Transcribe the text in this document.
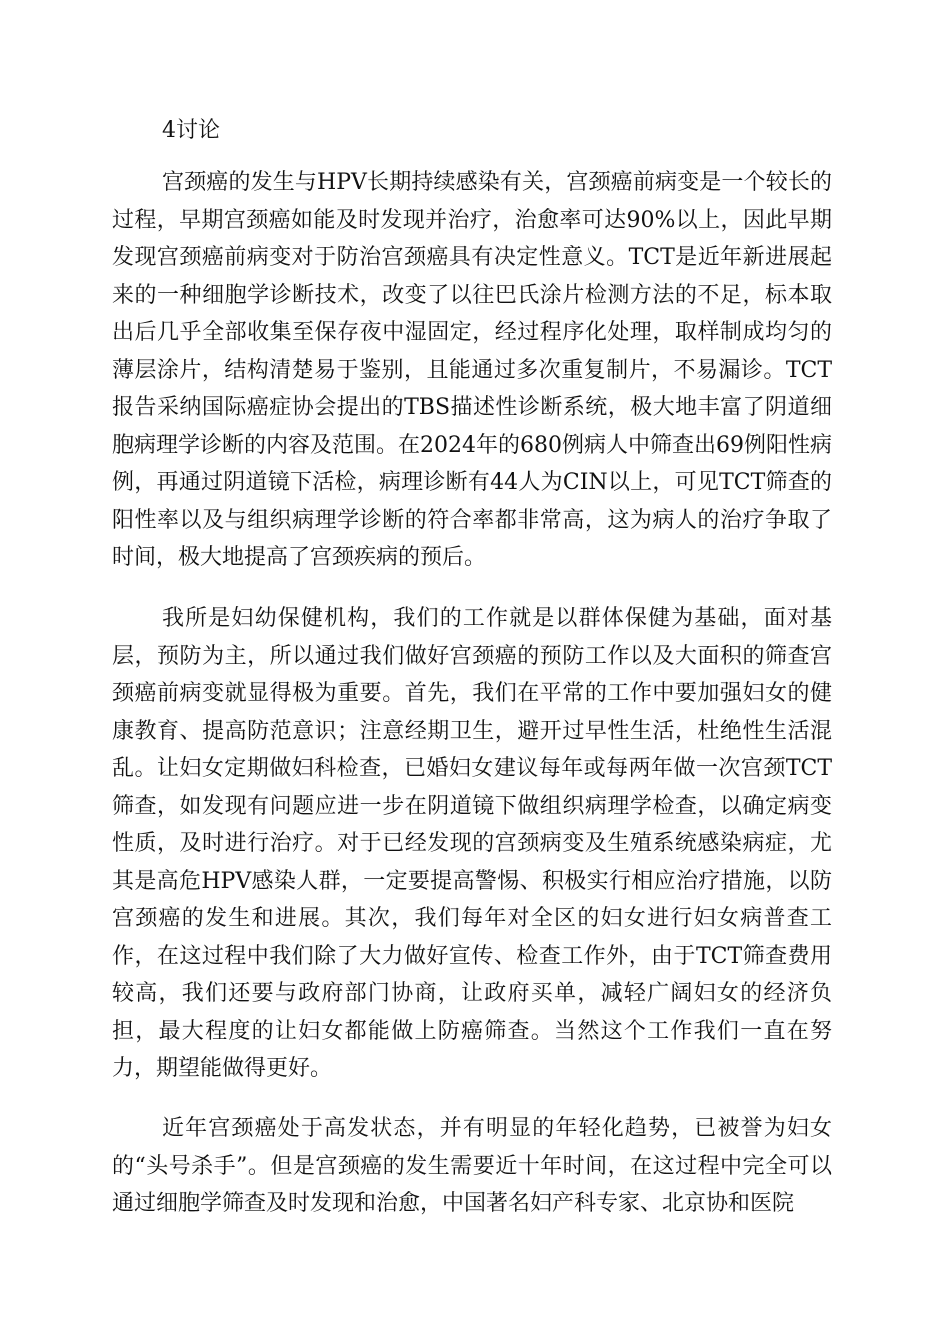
4讨论

宫颈癌的发生与HPV长期持续感染有关，宫颈癌前病变是一个较长的过程，早期宫颈癌如能及时发现并治疗，治愈率可达90%以上，因此早期发现宫颈癌前病变对于防治宫颈癌具有决定性意义。TCT是近年新进展起来的一种细胞学诊断技术，改变了以往巴氏涂片检测方法的不足，标本取出后几乎全部收集至保存夜中湿固定，经过程序化处理，取样制成均匀的薄层涂片，结构清楚易于鉴别，且能通过多次重复制片，不易漏诊。TCT报告采纳国际癌症协会提出的TBS描述性诊断系统，极大地丰富了阴道细胞病理学诊断的内容及范围。在2024年的680例病人中筛查出69例阳性病例，再通过阴道镜下活检，病理诊断有44人为CIN以上，可见TCT筛查的阳性率以及与组织病理学诊断的符合率都非常高，这为病人的治疗争取了时间，极大地提高了宫颈疾病的预后。

我所是妇幼保健机构，我们的工作就是以群体保健为基础，面对基层，预防为主，所以通过我们做好宫颈癌的预防工作以及大面积的筛查宫颈癌前病变就显得极为重要。首先，我们在平常的工作中要加强妇女的健康教育、提高防范意识；注意经期卫生，避开过早性生活，杜绝性生活混乱。让妇女定期做妇科检查，已婚妇女建议每年或每两年做一次宫颈TCT筛查，如发现有问题应进一步在阴道镜下做组织病理学检查，以确定病变性质，及时进行治疗。对于已经发现的宫颈病变及生殖系统感染病症，尤其是高危HPV感染人群，一定要提高警惕、积极实行相应治疗措施，以防宫颈癌的发生和进展。其次，我们每年对全区的妇女进行妇女病普查工作，在这过程中我们除了大力做好宣传、检查工作外，由于TCT筛查费用较高，我们还要与政府部门协商，让政府买单，减轻广阔妇女的经济负担，最大程度的让妇女都能做上防癌筛查。当然这个工作我们一直在努力，期望能做得更好。

近年宫颈癌处于高发状态，并有明显的年轻化趋势，已被誉为妇女的“头号杀手”。但是宫颈癌的发生需要近十年时间，在这过程中完全可以通过细胞学筛查及时发现和治愈，中国著名妇产科专家、北京协和医院
